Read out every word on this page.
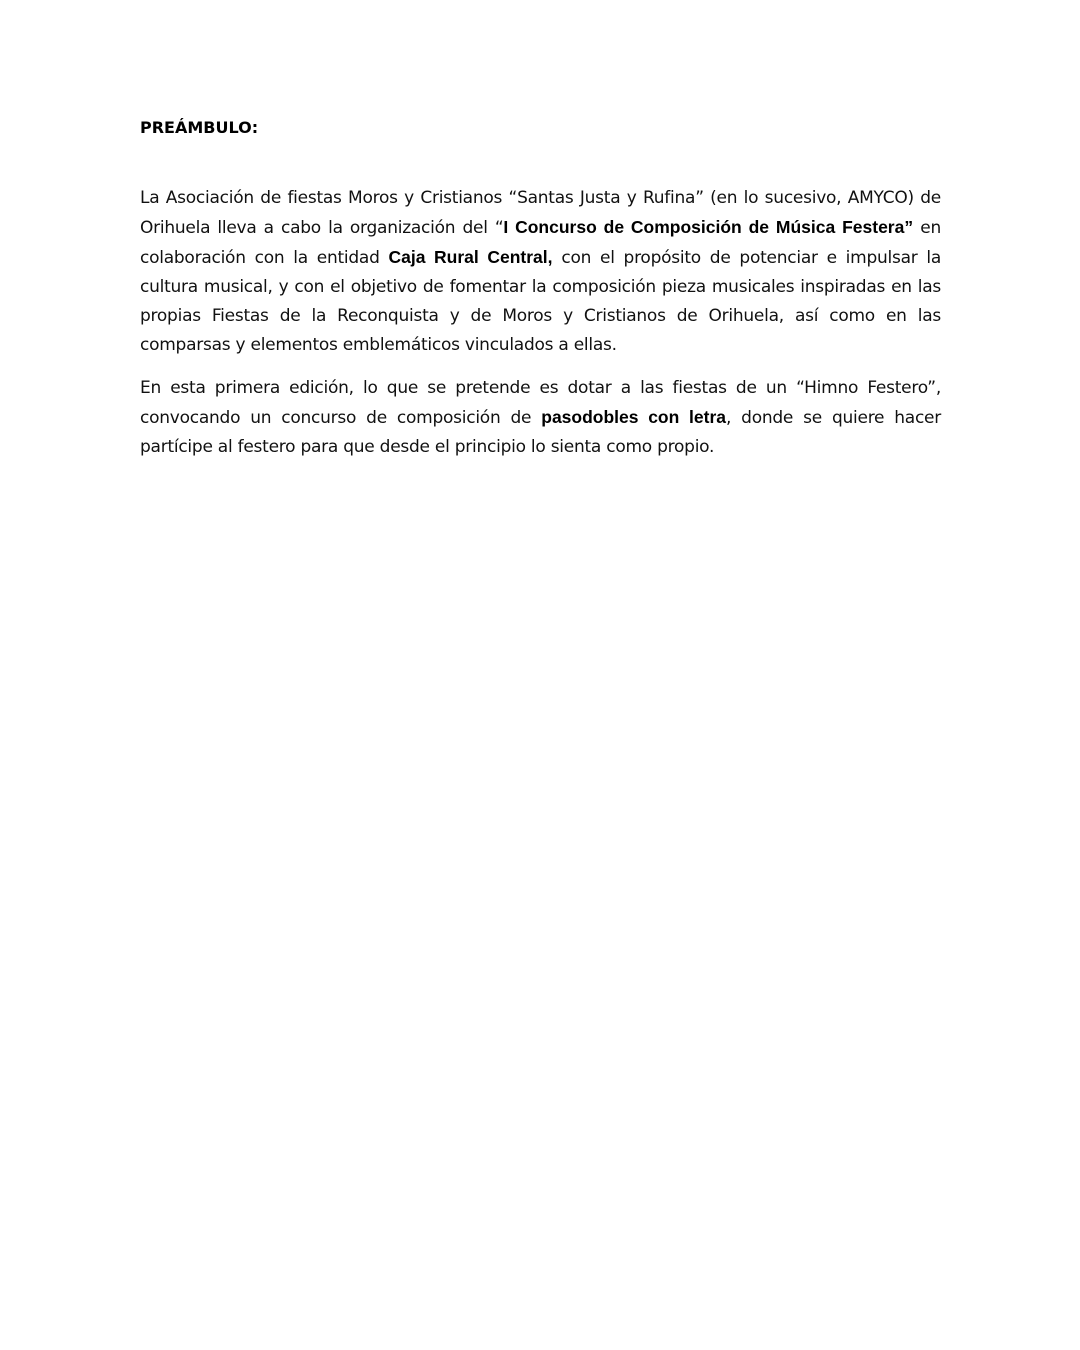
PREÁMBULO:

La Asociación de fiestas Moros y Cristianos “Santas Justa y Rufina” (en lo sucesivo, AMYCO) de Orihuela lleva a cabo la organización del “I Concurso de Composición de Música Festera” en colaboración con la entidad Caja Rural Central, con el propósito de potenciar e impulsar la cultura musical, y con el objetivo de fomentar la composición pieza musicales inspiradas en las propias Fiestas de la Reconquista y de Moros y Cristianos de Orihuela, así como en las comparsas y elementos emblemáticos vinculados a ellas.

En esta primera edición, lo que se pretende es dotar a las fiestas de un “Himno Festero”, convocando un concurso de composición de pasodobles con letra, donde se quiere hacer partícipe al festero para que desde el principio lo sienta como propio.
